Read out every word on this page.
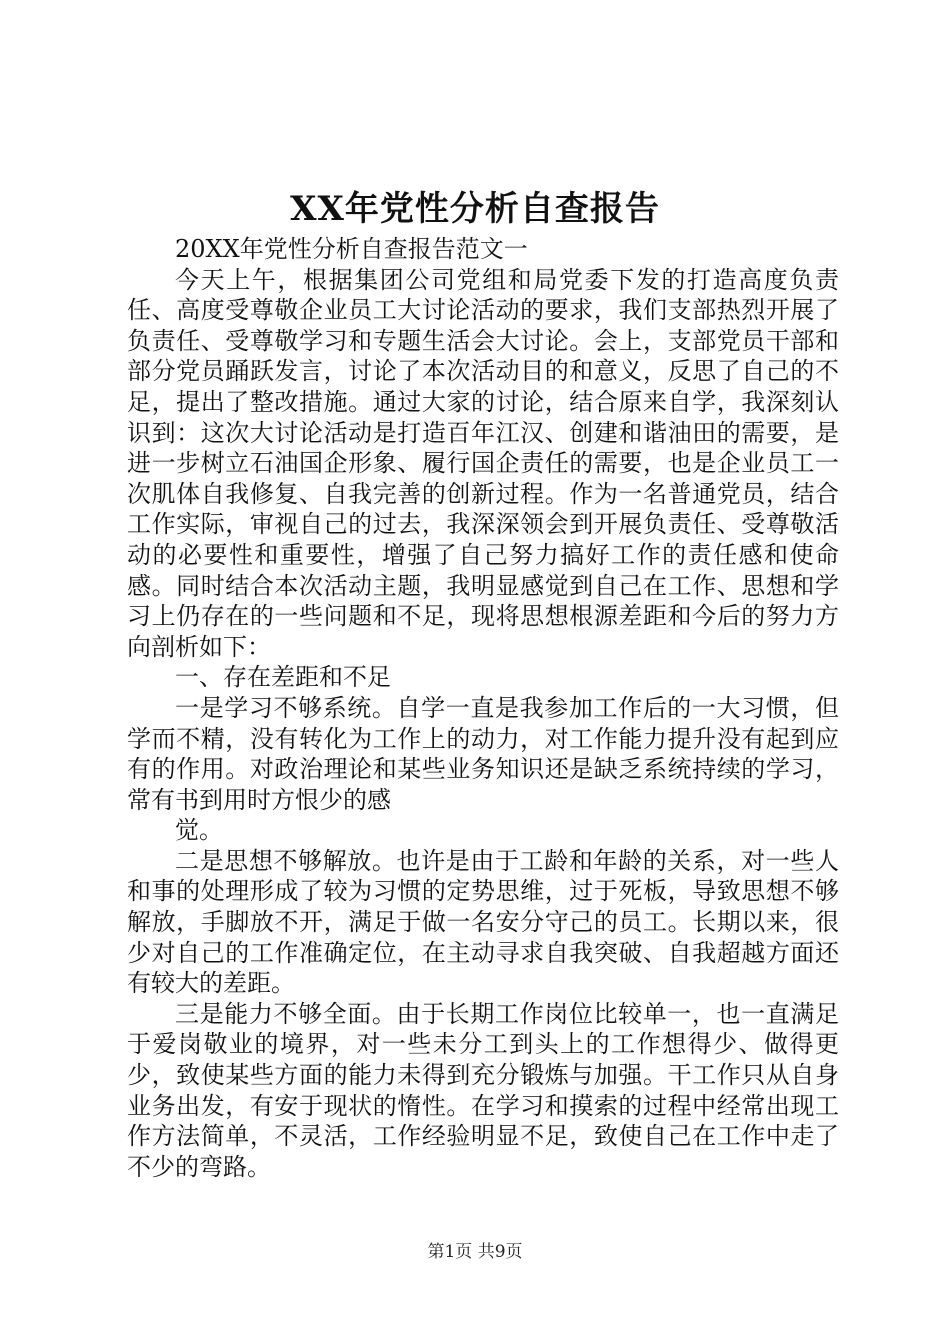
XX年党性分析自查报告

20XX年党性分析自查报告范文一

今天上午，根据集团公司党组和局党委下发的打造高度负责任、高度受尊敬企业员工大讨论活动的要求，我们支部热烈开展了负责任、受尊敬学习和专题生活会大讨论。会上，支部党员干部和部分党员踊跃发言，讨论了本次活动目的和意义，反思了自己的不足，提出了整改措施。通过大家的讨论，结合原来自学，我深刻认识到：这次大讨论活动是打造百年江汉、创建和谐油田的需要，是进一步树立石油国企形象、履行国企责任的需要，也是企业员工一次肌体自我修复、自我完善的创新过程。作为一名普通党员，结合工作实际，审视自己的过去，我深深领会到开展负责任、受尊敬活动的必要性和重要性，增强了自己努力搞好工作的责任感和使命感。同时结合本次活动主题，我明显感觉到自己在工作、思想和学习上仍存在的一些问题和不足，现将思想根源差距和今后的努力方向剖析如下：

一、存在差距和不足

一是学习不够系统。自学一直是我参加工作后的一大习惯，但学而不精，没有转化为工作上的动力，对工作能力提升没有起到应有的作用。对政治理论和某些业务知识还是缺乏系统持续的学习，常有书到用时方恨少的感

觉。

二是思想不够解放。也许是由于工龄和年龄的关系，对一些人和事的处理形成了较为习惯的定势思维，过于死板，导致思想不够解放，手脚放不开，满足于做一名安分守己的员工。长期以来，很少对自己的工作准确定位，在主动寻求自我突破、自我超越方面还有较大的差距。

三是能力不够全面。由于长期工作岗位比较单一，也一直满足于爱岗敬业的境界，对一些未分工到头上的工作想得少、做得更少，致使某些方面的能力未得到充分锻炼与加强。干工作只从自身业务出发，有安于现状的惰性。在学习和摸索的过程中经常出现工作方法简单，不灵活，工作经验明显不足，致使自己在工作中走了不少的弯路。

第1页 共9页
